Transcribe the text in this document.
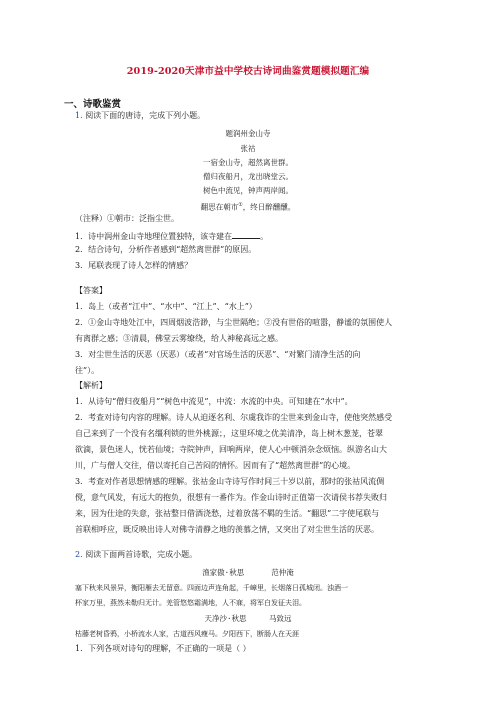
2019-2020天津市益中学校古诗词曲鉴赏题模拟题汇编
一、诗歌鉴赏
1. 阅读下面的唐诗，完成下列小题。
题润州金山寺
张祜
一宿金山寺，超然离世群。
僧归夜船月，龙出晓堂云。
树色中流见，钟声两岸闻。
翻思在朝市①，终日醉醺醺。
（注释）①朝市：泛指尘世。
1．诗中润州金山寺地理位置独特，该寺建在	。
2．结合诗句，分析作者感到“超然离世群”的原因。
3．尾联表现了诗人怎样的情感？
【答案】
1．岛上（或者“江中”、“水中”、“江上”、“水上”）
2．①金山寺地处江中，四周烟波浩渺，与尘世隔绝；②没有世俗的喧嚣，静谧的氛围使人
有离群之感；③清晨，佛堂云雾缭绕，给人神秘高远之感。
3．对尘世生活的厌恶（厌恶）（或者“对官场生活的厌恶”、“对繁门清净生活的向
往”）。
【解析】
1．从诗句“僧归夜船月”“树色中流见”，中流：水流的中央。可知建在“水中”。
2．考查对诗句内容的理解。诗人从迫逐名利、尔虞我诈的尘世来到金山寺，使他突然感受
自己来到了一个没有名缰利锁的世外桃源；，这里环境之优美清净，岛上树木葱茏，苍翠
欲滴，景色迷人，恍若仙境；寺院钟声，回响两岸，使人心中顿消杂念烦恼。纵游名山大
川，广与僧人交往，借以寄托自己苦闷的情怀。因而有了“超然离世群”的心境。
3．考查对作者思想情感的理解。张祜金山寺诗写作时间三十岁以前，那时的张祜风流倜
傥，意气风发，有远大的抱负，很想有一番作为。作金山诗时正值第一次请侯书荐失败归
来，因为仕途的失意，张祜整日借酒浇愁，过着放荡不羁的生活。“翻思”二字使尾联与
首联相呼应，既反映出诗人对佛寺清静之地的羡慕之情，又突出了对尘世生活的厌恶。
2. 阅读下面两首诗歌，完成小题。
渔家傲·秋思	范仲淹
塞下秋来风景异，衡阳雁去无留意。四面边声连角起，千嶂里，长烟落日孤城闭。浊酒一
杯家万里，燕然未勒归无计。羌管悠悠霜满地，人不寐，将军白发征夫泪。
天净沙·秋思	马致远
枯藤老树昏鸦，小桥流水人家，古道西风瘦马。夕阳西下，断肠人在天涯
1．下列各项对诗句的理解，不正确的一项是（ ）
